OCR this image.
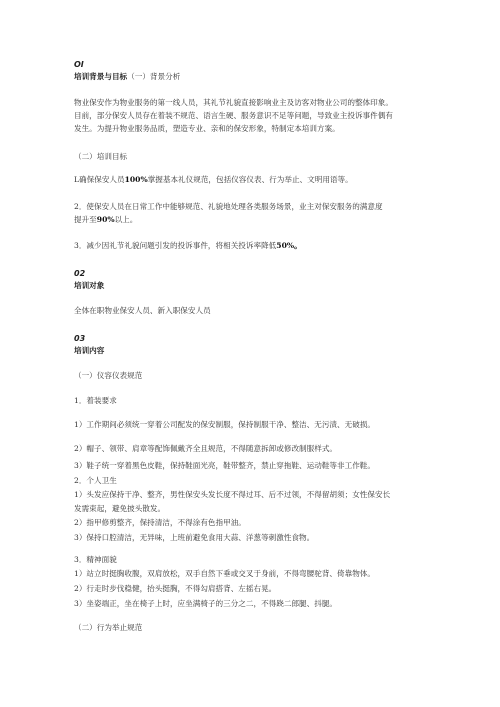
OI
培训背景与目标（一）背景分析
物业保安作为物业服务的第一线人员，其礼节礼貌直接影响业主及访客对物业公司的整体印象。
目前，部分保安人员存在着装不规范、语言生硬、服务意识不足等问题，导致业主投诉事件偶有
发生。为提升物业服务品质，塑造专业、亲和的保安形象，特制定本培训方案。
（二）培训目标
L确保保安人员100%掌握基本礼仪规范，包括仪容仪表、行为举止、文明用语等。
2．使保安人员在日常工作中能够规范、礼貌地处理各类服务场景，业主对保安服务的满意度
提升至90%以上。
3．减少因礼节礼貌问题引发的投诉事件，将相关投诉率降低50%。
02
培训对象
全体在职物业保安人员、新入职保安人员
03
培训内容
（一）仪容仪表规范
1．着装要求
1）工作期间必须统一穿着公司配发的保安制服，保持制服干净、整洁、无污渍、无破损。
2）帽子、领带、肩章等配饰佩戴齐全且规范，不得随意拆卸或修改制服样式。
3）鞋子统一穿着黑色皮鞋，保持鞋面光亮，鞋带整齐，禁止穿拖鞋、运动鞋等非工作鞋。
2．个人卫生
1）头发应保持干净、整齐，男性保安头发长度不得过耳、后不过领，不得留胡须；女性保安长
发需束起，避免披头散发。
2）指甲修剪整齐，保持清洁，不得涂有色指甲油。
3）保持口腔清洁，无异味，上班前避免食用大蒜、洋葱等刺激性食物。
3．精神面貌
1）站立时挺胸收腹，双肩放松，双手自然下垂或交叉于身前，不得弯腰驼背、倚靠物体。
2）行走时步伐稳健，抬头挺胸，不得勾肩搭背、左摇右晃。
3）坐姿端正，坐在椅子上时，应坐满椅子的三分之二，不得跷二郎腿、抖腿。
（二）行为举止规范
